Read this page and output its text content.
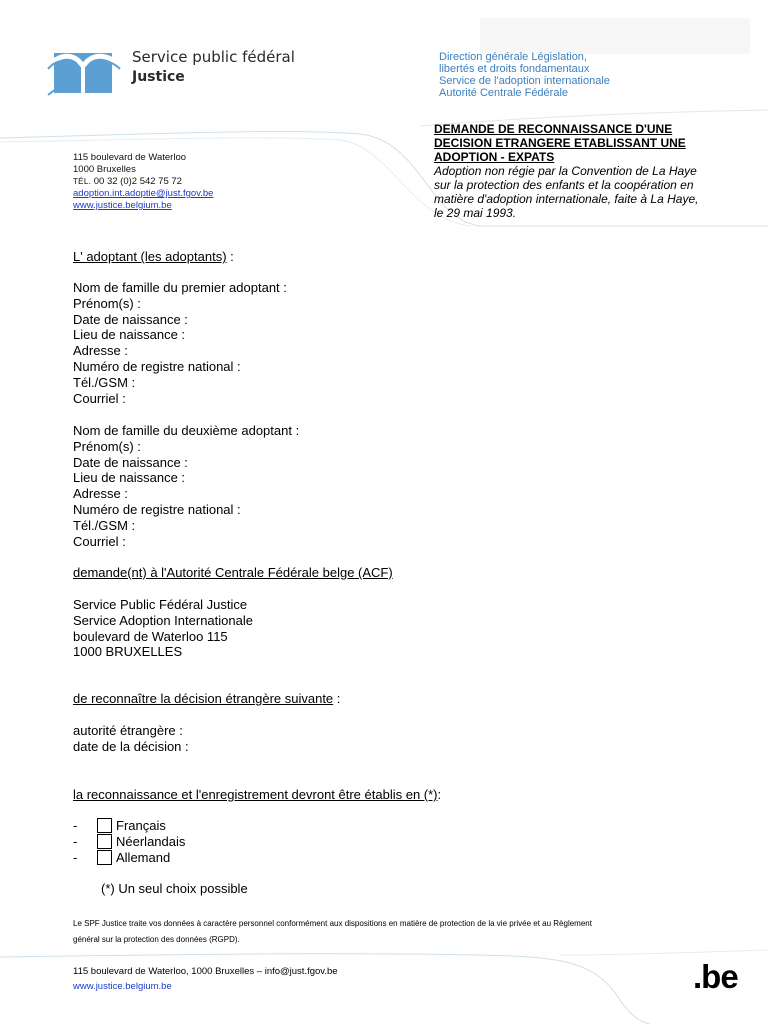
Service public fédéral
Justice
Direction générale Législation,
libertés et droits fondamentaux
Service de l'adoption internationale
Autorité Centrale Fédérale
115 boulevard de Waterloo
1000 Bruxelles
TÉL. 00 32 (0)2 542 75 72
adoption.int.adoptie@just.fgov.be
www.justice.belgium.be
DEMANDE DE RECONNAISSANCE D'UNE
DECISION ETRANGERE ETABLISSANT UNE
ADOPTION - EXPATS
Adoption non régie par la Convention de La Haye
sur la protection des enfants et la coopération en
matière d'adoption internationale, faite à La Haye,
le 29 mai 1993.
L' adoptant (les adoptants) :
Nom de famille du premier adoptant :
Prénom(s) :
Date de naissance :
Lieu de naissance :
Adresse :
Numéro de registre national :
Tél./GSM :
Courriel :
Nom de famille du deuxième adoptant :
Prénom(s) :
Date de naissance :
Lieu de naissance :
Adresse :
Numéro de registre national :
Tél./GSM :
Courriel :
demande(nt) à l'Autorité Centrale Fédérale belge (ACF)
Service Public Fédéral Justice
Service Adoption Internationale
boulevard de Waterloo 115
1000 BRUXELLES
de reconnaître la décision étrangère suivante :
autorité étrangère :
date de la décision :
la reconnaissance et l'enregistrement devront être établis en (*):
-	Français
-	Néerlandais
-	Allemand
(*) Un seul choix possible
Le SPF Justice traite vos données à caractère personnel conformément aux dispositions en matière de protection de la vie privée et au Règlement
général sur la protection des données (RGPD).
115 boulevard de Waterloo, 1000 Bruxelles – info@just.fgov.be
www.justice.belgium.be	.be
